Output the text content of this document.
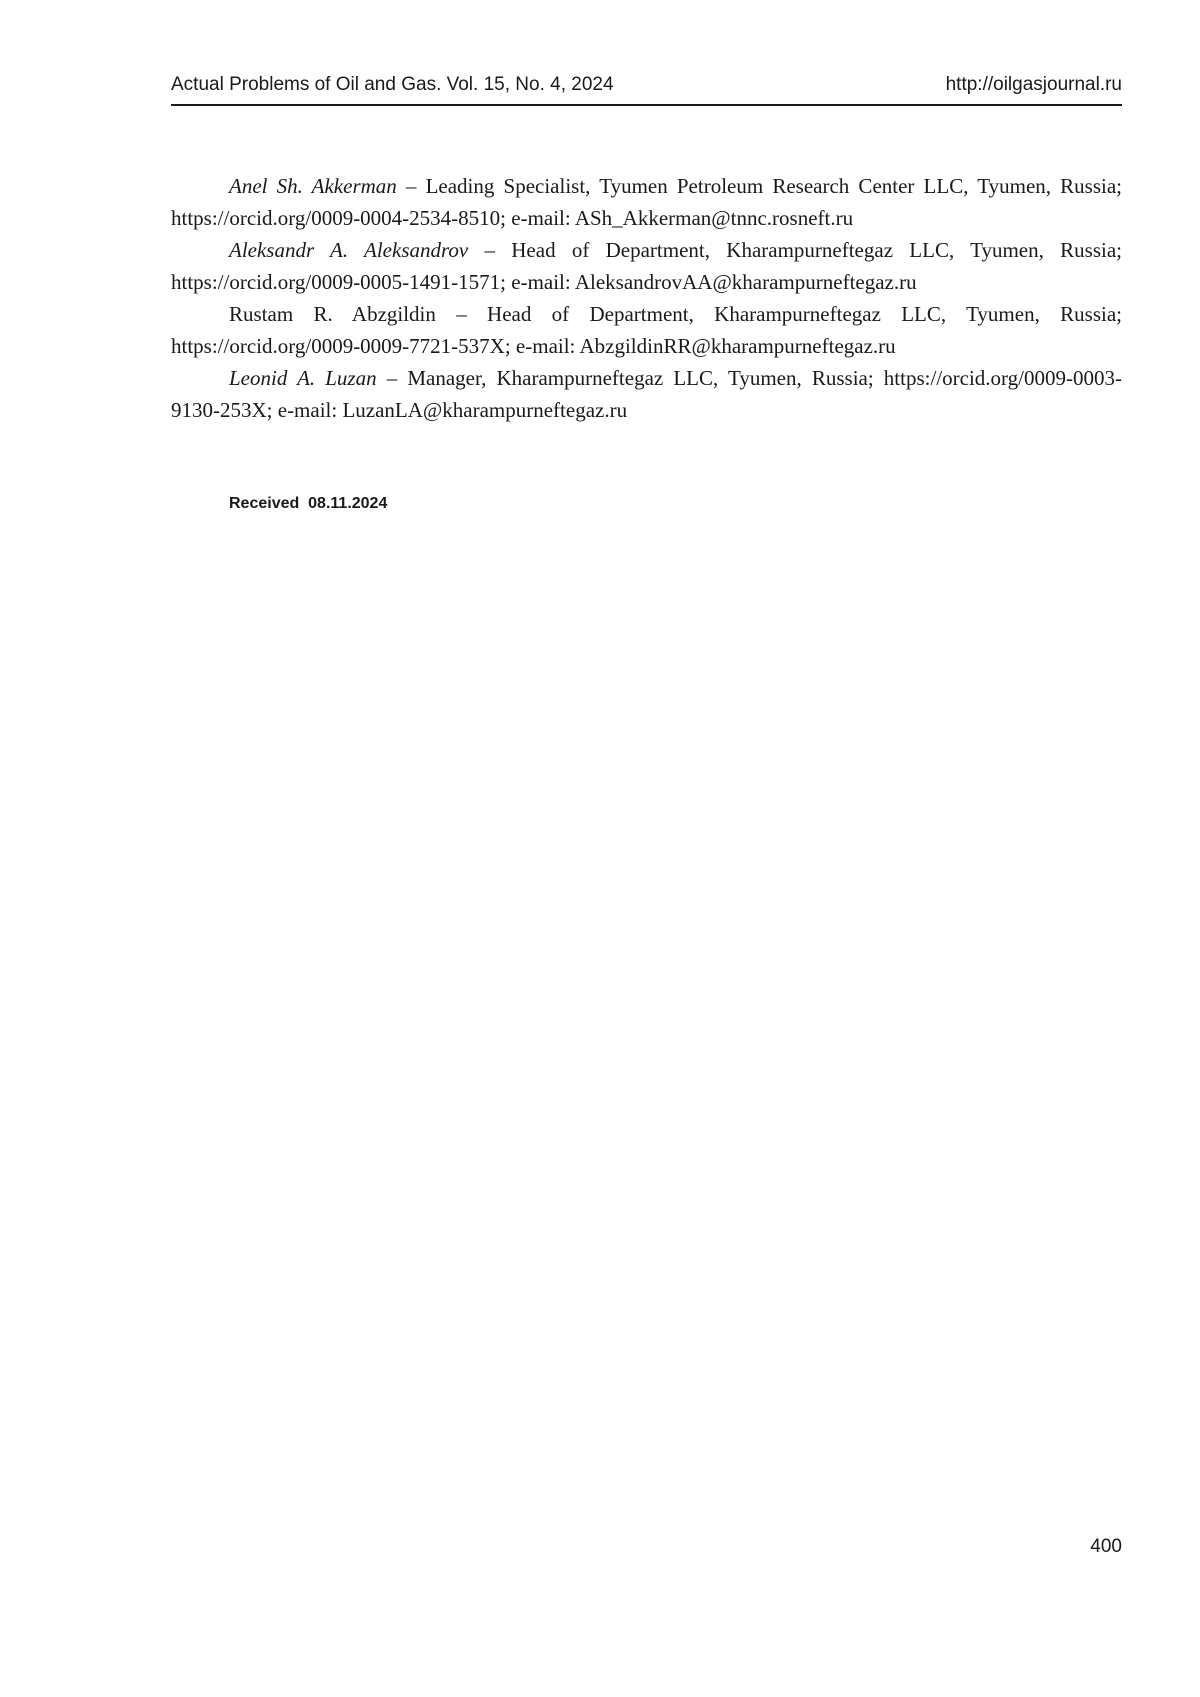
Actual Problems of Oil and Gas. Vol. 15, No. 4, 2024	http://oilgasjournal.ru

Anel Sh. Akkerman – Leading Specialist, Tyumen Petroleum Research Center LLC, Tyumen, Russia; https://orcid.org/0009-0004-2534-8510; e-mail: ASh_Akkerman@tnnc.rosneft.ru

Aleksandr A. Aleksandrov – Head of Department, Kharampurneftegaz LLC, Tyumen, Russia; https://orcid.org/0009-0005-1491-1571; e-mail: AleksandrovAA@kharampurneftegaz.ru

Rustam R. Abzgildin – Head of Department, Kharampurneftegaz LLC, Tyumen, Russia; https://orcid.org/0009-0009-7721-537X; e-mail: AbzgildinRR@kharampurneftegaz.ru

Leonid A. Luzan – Manager, Kharampurneftegaz LLC, Tyumen, Russia; https://orcid.org/0009-0003-9130-253X; e-mail: LuzanLA@kharampurneftegaz.ru

Received  08.11.2024
400
